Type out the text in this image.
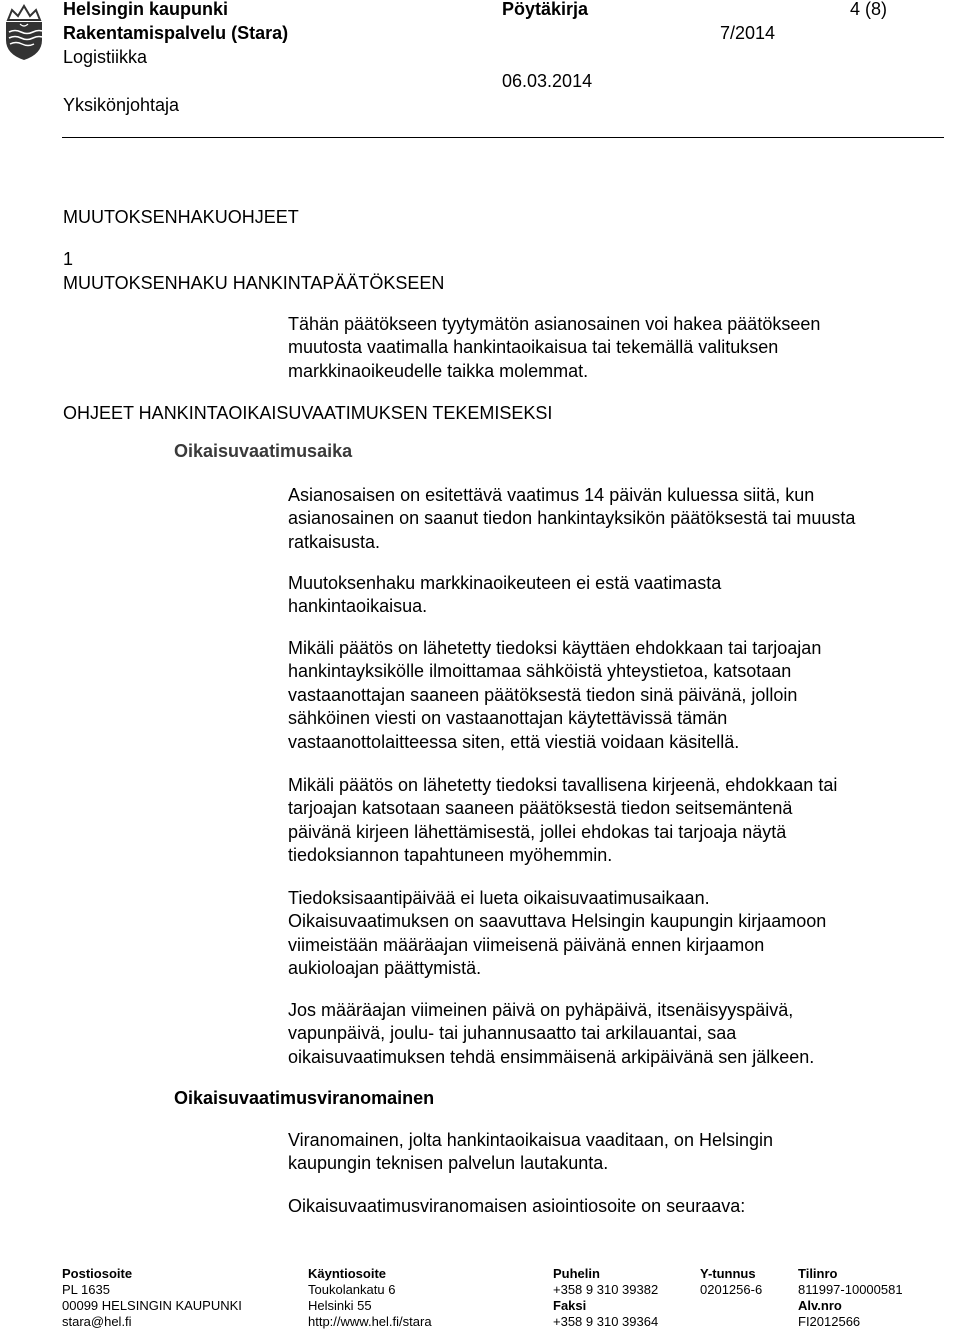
Helsingin kaupunki
Rakentamispalvelu (Stara)
Logistiikka
Yksikönjohtaja
Pöytäkirja
7/2014
06.03.2014
4 (8)
MUUTOKSENHAKUOHJEET
1
MUUTOKSENHAKU HANKINTAPÄÄTÖKSEEN

Tähän päätökseen tyytymätön asianosainen voi hakea päätökseen

muutosta vaatimalla hankintaoikaisua tai tekemällä valituksen

markkinaoikeudelle taikka molemmat.

OHJEET HANKINTAOIKAISUVAATIMUKSEN TEKEMISEKSI
Oikaisuvaatimusaika

Asianosaisen on esitettävä vaatimus 14 päivän kuluessa siitä, kun

asianosainen on saanut tiedon hankintayksikön päätöksestä tai muusta

ratkaisusta.

Muutoksenhaku markkinaoikeuteen ei estä vaatimasta

hankintaoikaisua.

Mikäli päätös on lähetetty tiedoksi käyttäen ehdokkaan tai tarjoajan

hankintayksikölle ilmoittamaa sähköistä yhteystietoa, katsotaan

vastaanottajan saaneen päätöksestä tiedon sinä päivänä, jolloin

sähköinen viesti on vastaanottajan käytettävissä tämän

vastaanottolaitteessa siten, että viestiä voidaan käsitellä.

Mikäli päätös on lähetetty tiedoksi tavallisena kirjeenä, ehdokkaan tai

tarjoajan katsotaan saaneen päätöksestä tiedon seitsemäntenä

päivänä kirjeen lähettämisestä, jollei ehdokas tai tarjoaja näytä

tiedoksiannon tapahtuneen myöhemmin.

Tiedoksisaantipäivää ei lueta oikaisuvaatimusaikaan.

Oikaisuvaatimuksen on saavuttava Helsingin kaupungin kirjaamoon

viimeistään määräajan viimeisenä päivänä ennen kirjaamon

aukioloajan päättymistä.

Jos määräajan viimeinen päivä on pyhäpäivä, itsenäisyyspäivä,

vapunpäivä, joulu- tai juhannusaatto tai arkilauantai, saa

oikaisuvaatimuksen tehdä ensimmäisenä arkipäivänä sen jälkeen.

Oikaisuvaatimusviranomainen

Viranomainen, jolta hankintaoikaisua vaaditaan, on Helsingin

kaupungin teknisen palvelun lautakunta.

Oikaisuvaatimusviranomaisen asiointiosoite on seuraava:

Postiosoite
PL 1635
00099 HELSINGIN KAUPUNKI
stara@hel.fi
Käyntiosoite
Toukolankatu 6
Helsinki 55
http://www.hel.fi/stara
Puhelin
+358 9 310 39382
Faksi
+358 9 310 39364
Y-tunnus
0201256-6
Tilinro
811997-10000581
Alv.nro
FI2012566
